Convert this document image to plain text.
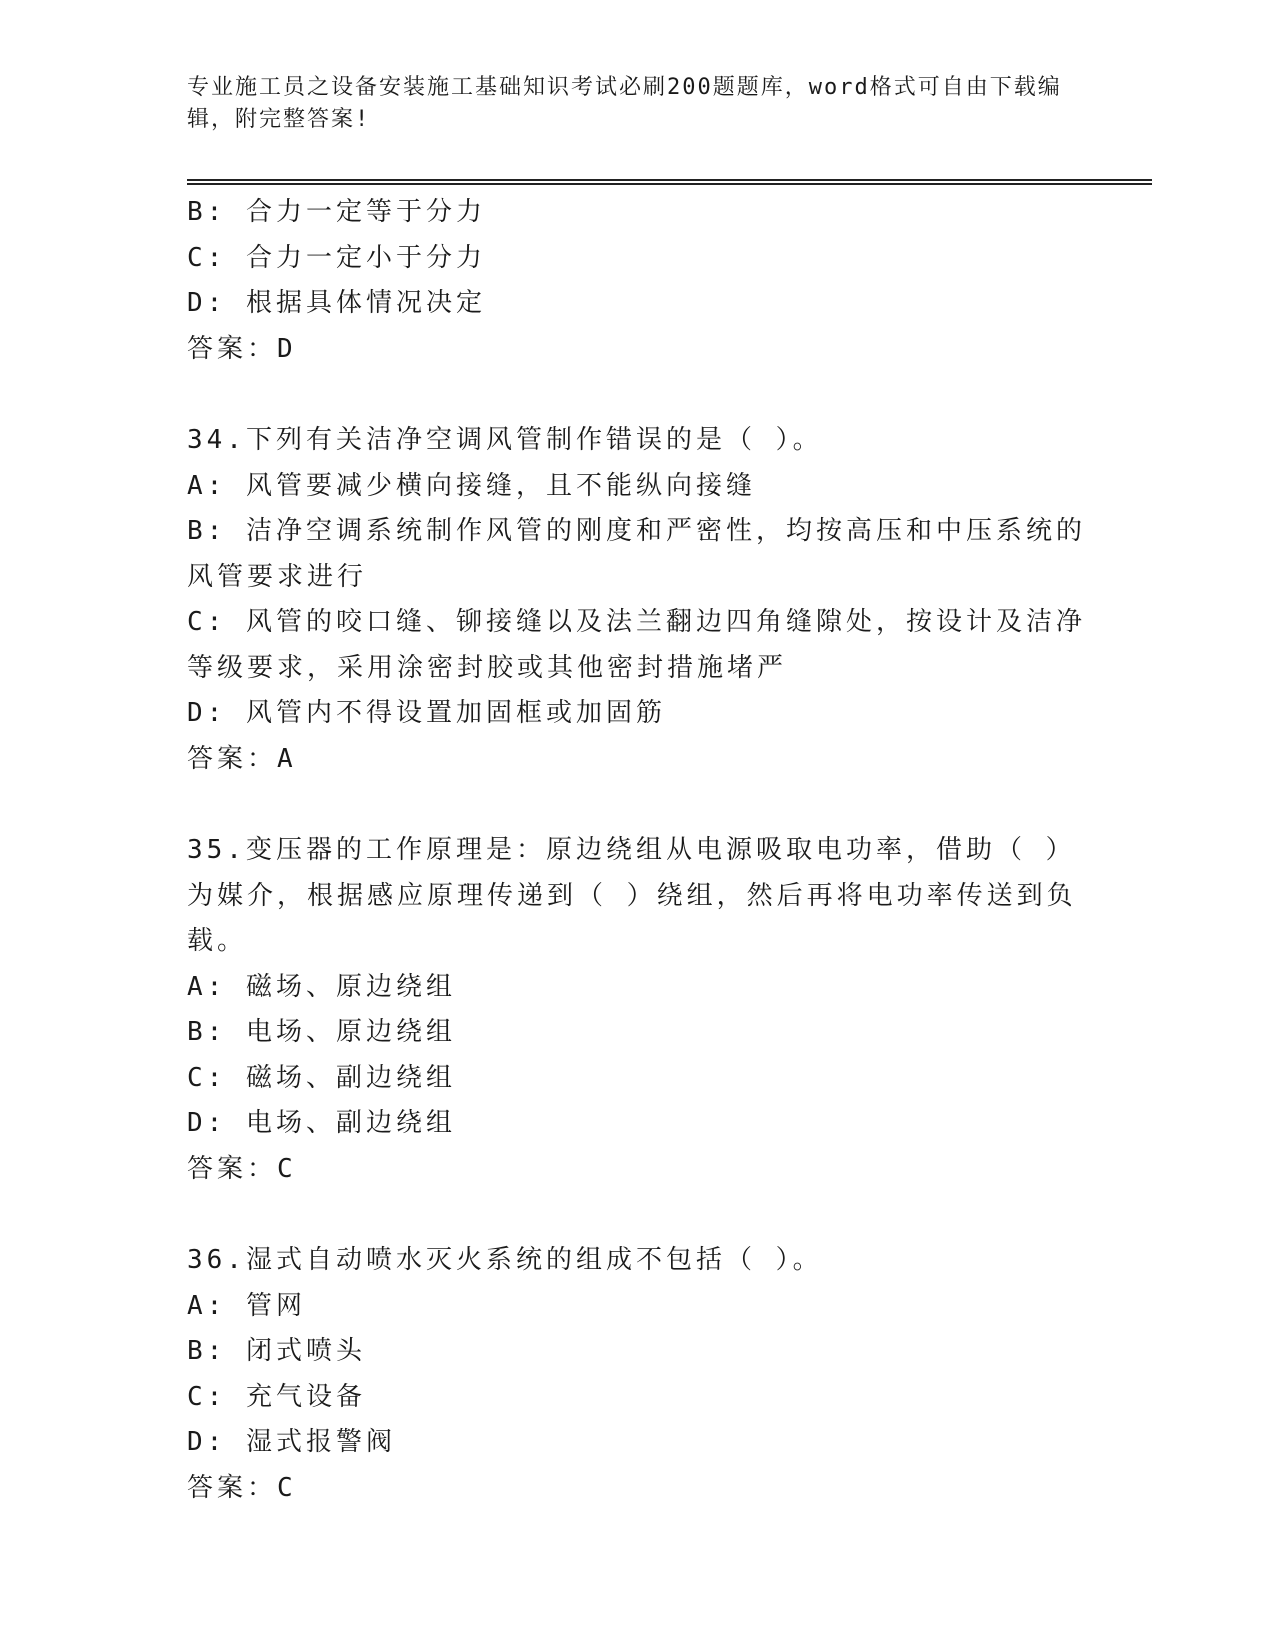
专业施工员之设备安装施工基础知识考试必刷200题题库，word格式可自由下载编辑，附完整答案!
B: 合力一定等于分力
C: 合力一定小于分力
D: 根据具体情况决定
答案：D
34.下列有关洁净空调风管制作错误的是（ ）。
A: 风管要减少横向接缝，且不能纵向接缝
B: 洁净空调系统制作风管的刚度和严密性，均按高压和中压系统的风管要求进行
C: 风管的咬口缝、铆接缝以及法兰翻边四角缝隙处，按设计及洁净等级要求，采用涂密封胶或其他密封措施堵严
D: 风管内不得设置加固框或加固筋
答案：A
35.变压器的工作原理是：原边绕组从电源吸取电功率，借助（ ）为媒介，根据感应原理传递到（ ）绕组，然后再将电功率传送到负载。
A: 磁场、原边绕组
B: 电场、原边绕组
C: 磁场、副边绕组
D: 电场、副边绕组
答案：C
36.湿式自动喷水灭火系统的组成不包括（ ）。
A: 管网
B: 闭式喷头
C: 充气设备
D: 湿式报警阀
答案：C
